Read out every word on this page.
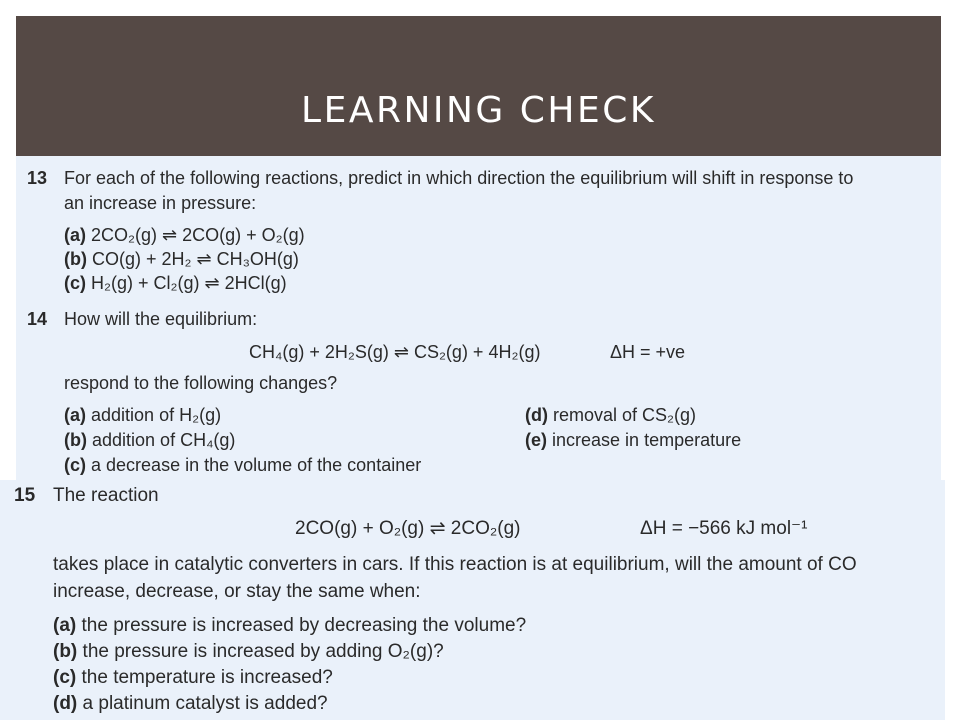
LEARNING CHECK
13 For each of the following reactions, predict in which direction the equilibrium will shift in response to
an increase in pressure:
(a) 2CO₂(g) ⇌ 2CO(g) + O₂(g)
(b) CO(g) + 2H₂ ⇌ CH₃OH(g)
(c) H₂(g) + Cl₂(g) ⇌ 2HCl(g)
14 How will the equilibrium:
CH₄(g) + 2H₂S(g) ⇌ CS₂(g) + 4H₂(g)	ΔH = +ve
respond to the following changes?
(a) addition of H₂(g)
(b) addition of CH₄(g)
(c) a decrease in the volume of the container
(d) removal of CS₂(g)
(e) increase in temperature
15 The reaction
2CO(g) + O₂(g) ⇌ 2CO₂(g)	ΔH = −566 kJ mol⁻¹
takes place in catalytic converters in cars. If this reaction is at equilibrium, will the amount of CO
increase, decrease, or stay the same when:
(a) the pressure is increased by decreasing the volume?
(b) the pressure is increased by adding O₂(g)?
(c) the temperature is increased?
(d) a platinum catalyst is added?
